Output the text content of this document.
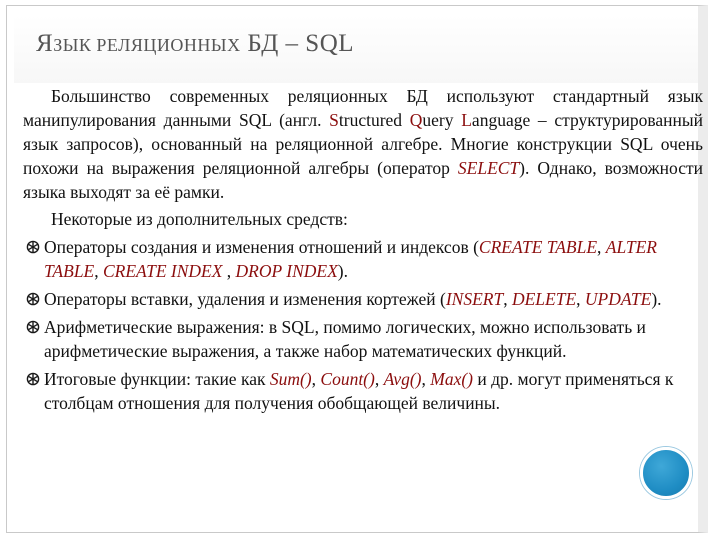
ЯЗЫК РЕЛЯЦИОННЫХ БД – SQL

Большинство современных реляционных БД используют стандартный язык манипулирования данными SQL (англ. Structured Query Language – структурированный язык запросов), основанный на реляционной алгебре. Многие конструкции SQL очень похожи на выражения реляционной алгебры (оператор SELECT). Однако, возможности языка выходят за её рамки.

Некоторые из дополнительных средств:

Операторы создания и изменения отношений и индексов (CREATE TABLE, ALTER TABLE, CREATE INDEX , DROP INDEX).
Операторы вставки, удаления и изменения кортежей (INSERT, DELETE, UPDATE).
Арифметические выражения: в SQL, помимо логических, можно использовать и арифметические выражения, а также набор математических функций.
Итоговые функции: такие как Sum(), Count(), Avg(), Max() и др. могут применяться к столбцам отношения для получения обобщающей величины.
